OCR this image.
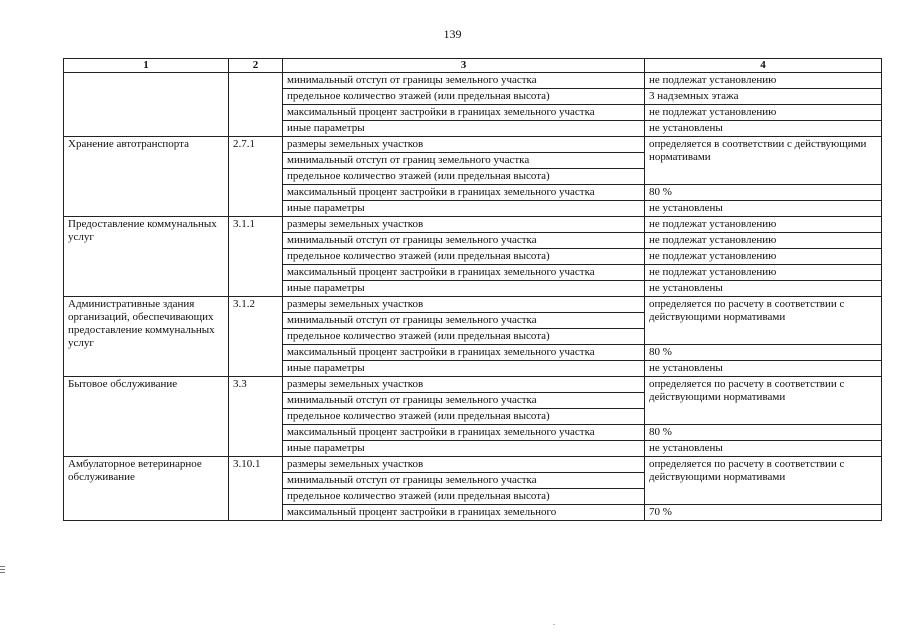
139
1	2	3	4
		минимальный отступ от границы земельного участка	не подлежат установлению
		предельное количество этажей (или предельная высота)	3 надземных этажа
		максимальный процент застройки в границах земельного участка	не подлежат установлению
		иные параметры	не установлены
Хранение автотранспорта	2.7.1	размеры земельных участков	определяется в соответствии с действующими нормативами
		минимальный отступ от границ земельного участка	
		предельное количество этажей (или предельная высота)	
		максимальный процент застройки в границах земельного участка	80 %
		иные параметры	не установлены
Предоставление коммунальных услуг	3.1.1	размеры земельных участков	не подлежат установлению
		минимальный отступ от границы земельного участка	не подлежат установлению
		предельное количество этажей (или предельная высота)	не подлежат установлению
		максимальный процент застройки в границах земельного участка	не подлежат установлению
		иные параметры	не установлены
Административные здания организаций, обеспечивающих предоставление коммунальных услуг	3.1.2	размеры земельных участков	определяется по расчету в соответствии с действующими нормативами
		минимальный отступ от границы земельного участка	
		предельное количество этажей (или предельная высота)	
		максимальный процент застройки в границах земельного участка	80 %
		иные параметры	не установлены
Бытовое обслуживание	3.3	размеры земельных участков	определяется по расчету в соответствии с действующими нормативами
		минимальный отступ от границы земельного участка	
		предельное количество этажей (или предельная высота)	
		максимальный процент застройки в границах земельного участка	80 %
		иные параметры	не установлены
Амбулаторное ветеринарное обслуживание	3.10.1	размеры земельных участков	определяется по расчету в соответствии с действующими нормативами
		минимальный отступ от границы земельного участка	
		предельное количество этажей (или предельная высота)	
		максимальный процент застройки в границах земельного	70 %
